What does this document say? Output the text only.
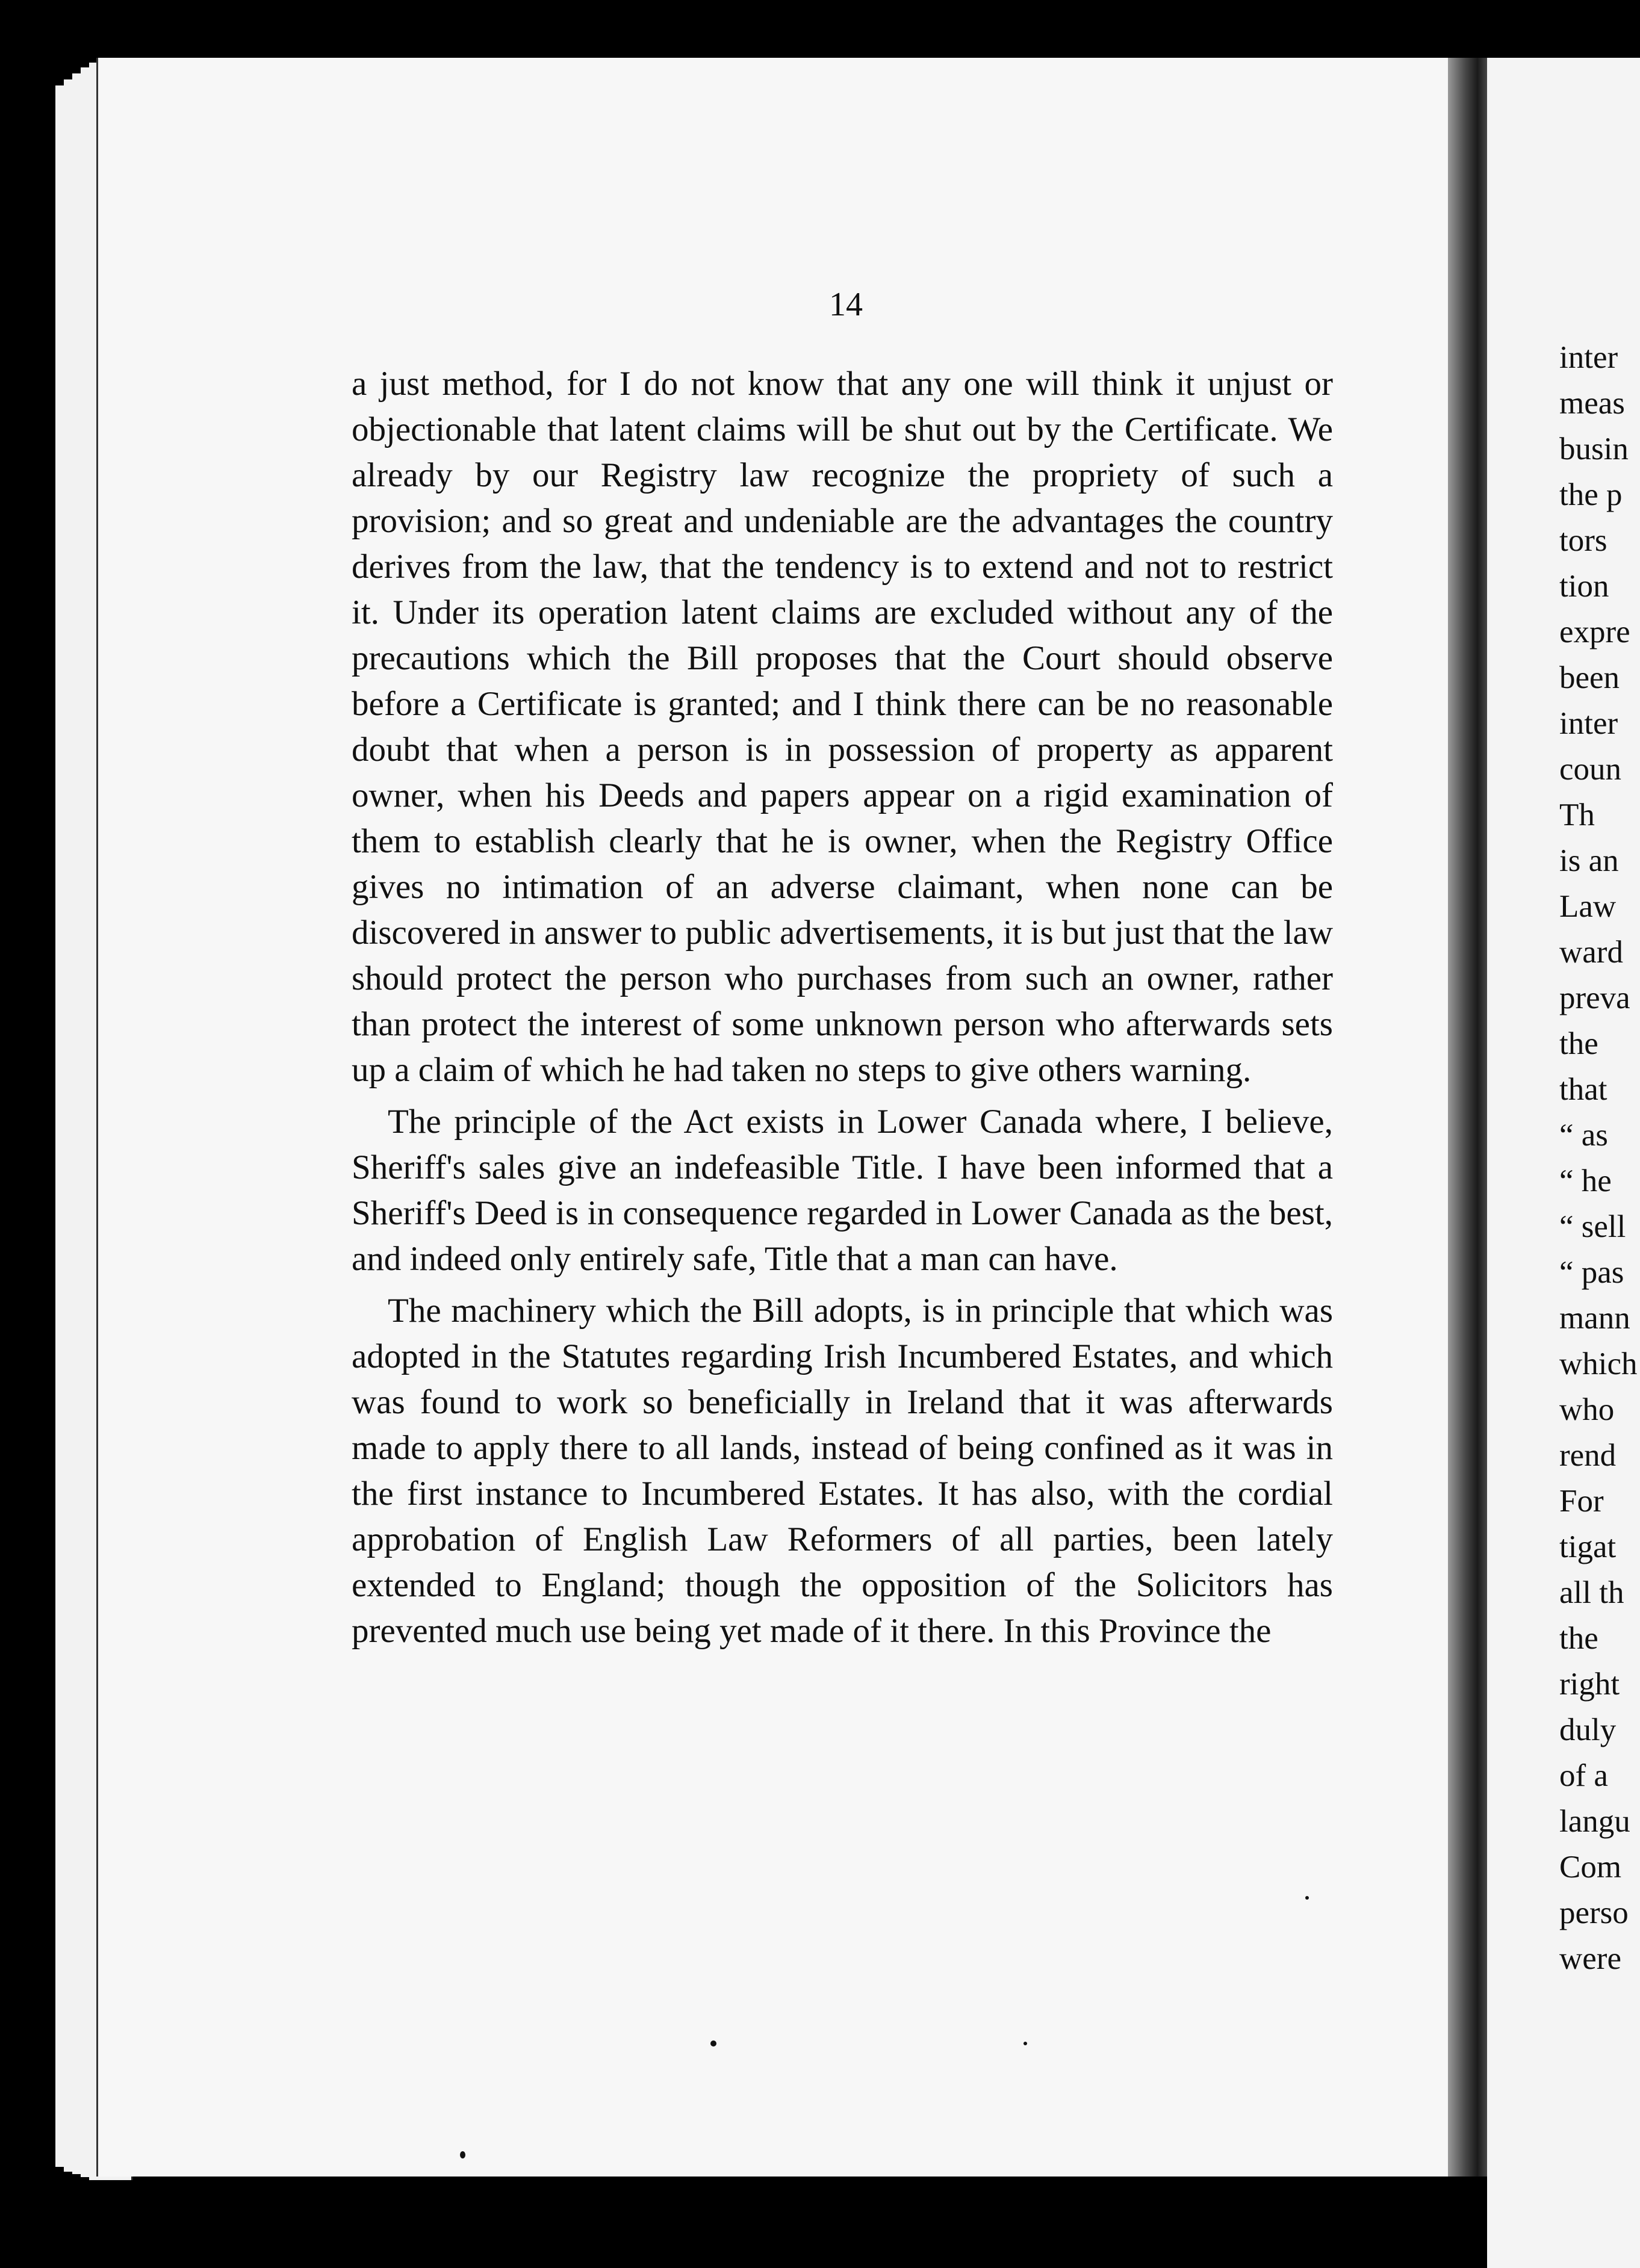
14

a just method, for I do not know that any one will think it unjust or objectionable that latent claims will be shut out by the Certificate. We already by our Registry law recognize the propriety of such a provision; and so great and undeniable are the advantages the country derives from the law, that the tendency is to extend and not to restrict it. Under its operation latent claims are excluded without any of the precautions which the Bill proposes that the Court should observe before a Certificate is granted; and I think there can be no reasonable doubt that when a person is in possession of property as apparent owner, when his Deeds and papers appear on a rigid examination of them to establish clearly that he is owner, when the Registry Office gives no intimation of an adverse claimant, when none can be discovered in answer to public advertisements, it is but just that the law should protect the person who purchases from such an owner, rather than protect the interest of some unknown person who afterwards sets up a claim of which he had taken no steps to give others warning.

The principle of the Act exists in Lower Canada where, I believe, Sheriff's sales give an indefeasible Title. I have been informed that a Sheriff's Deed is in consequence regarded in Lower Canada as the best, and indeed only entirely safe, Title that a man can have.

The machinery which the Bill adopts, is in principle that which was adopted in the Statutes regarding Irish Incumbered Estates, and which was found to work so beneficially in Ireland that it was afterwards made to apply there to all lands, instead of being confined as it was in the first instance to Incumbered Estates. It has also, with the cordial approbation of English Law Reformers of all parties, been lately extended to England; though the opposition of the Solicitors has prevented much use being yet made of it there. In this Province the

inter
meas
busin
the p
tors
tion
expre
been
inter
coun
Th
is an
Law
ward
preva
the
that
“ as
“ he
“ sell
“ pas
mann
which
who
rend
For
tigat
all th
the
right
duly
of a
langu
Com
perso
were
